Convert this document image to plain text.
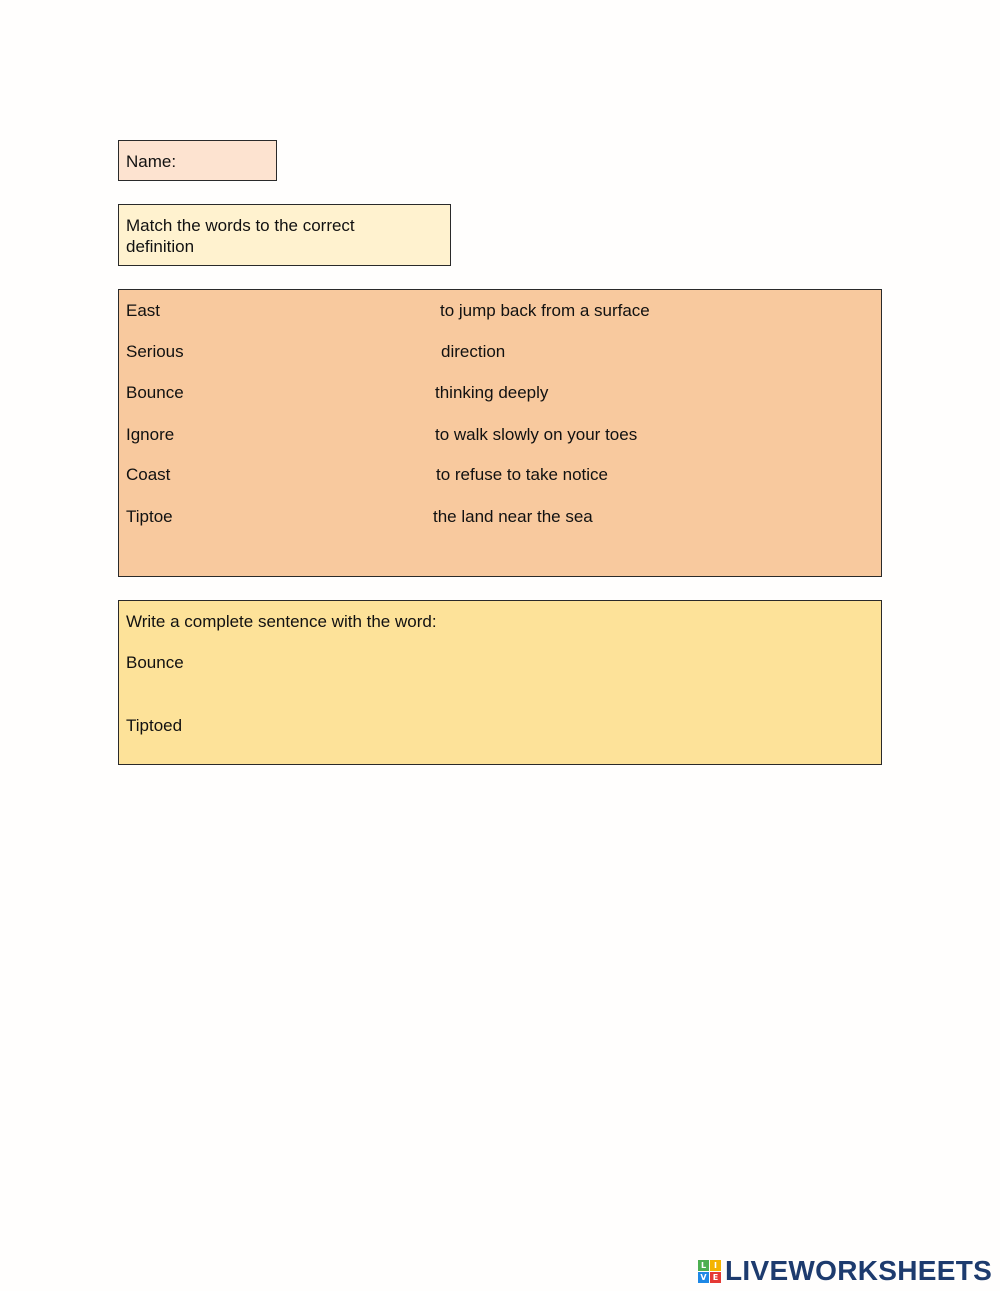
Name:
Match the words to the correct definition
East
Serious
Bounce
Ignore
Coast
Tiptoe
to jump back from a surface
direction
thinking deeply
to walk slowly on your toes
to refuse to take notice
the land near the sea
Write a complete sentence with the word:
Bounce
Tiptoed
L I
V E LIVEWORKSHEETS
